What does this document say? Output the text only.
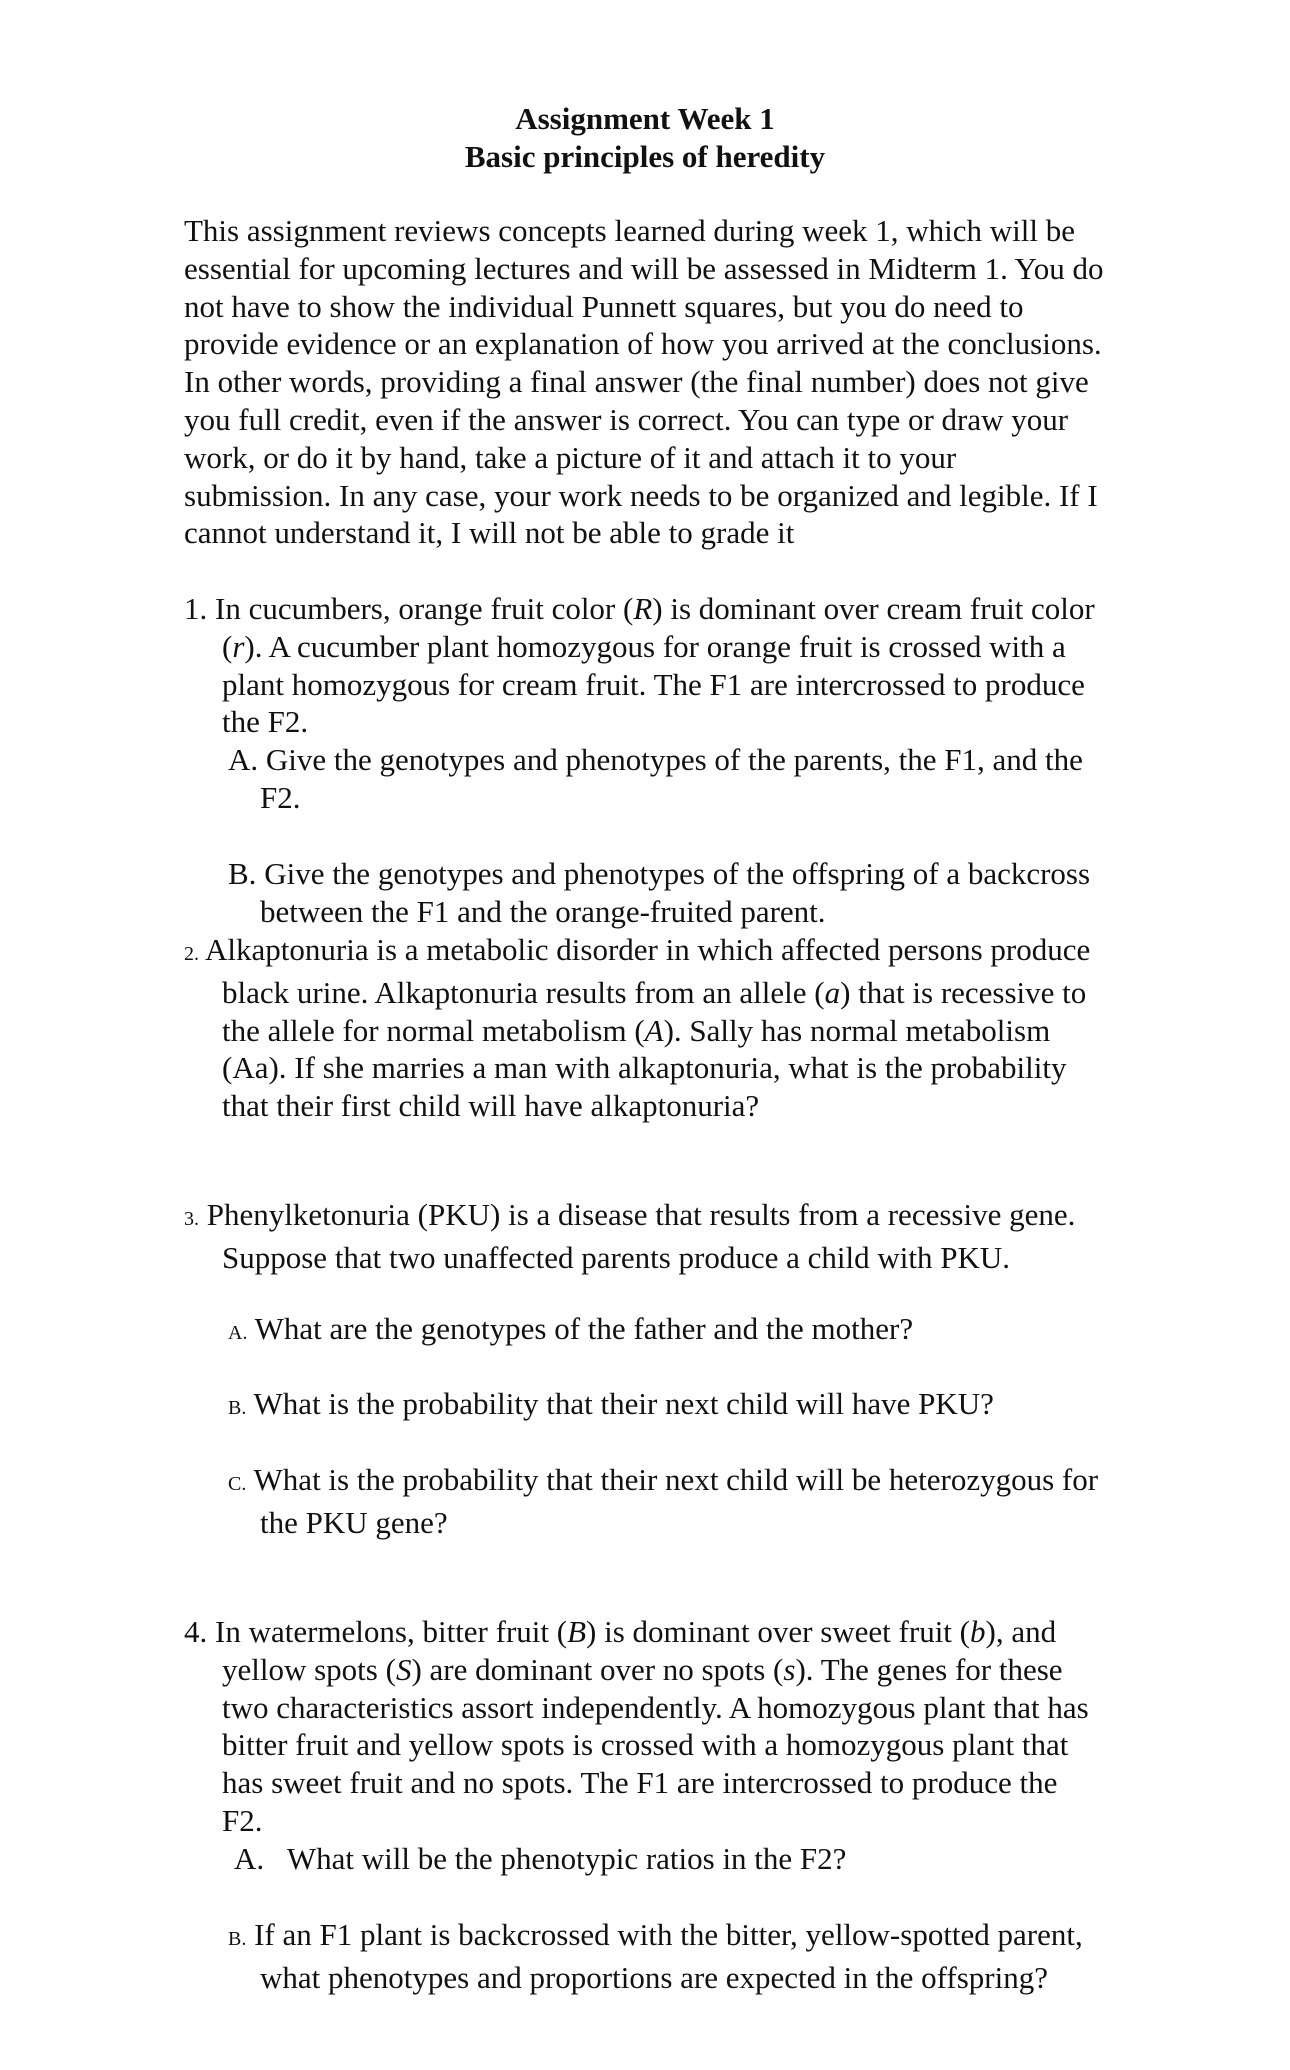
Assignment Week 1
Basic principles of heredity
This assignment reviews concepts learned during week 1, which will be essential for upcoming lectures and will be assessed in Midterm 1. You do not have to show the individual Punnett squares, but you do need to provide evidence or an explanation of how you arrived at the conclusions. In other words, providing a final answer (the final number) does not give you full credit, even if the answer is correct. You can type or draw your work, or do it by hand, take a picture of it and attach it to your submission. In any case, your work needs to be organized and legible. If I cannot understand it, I will not be able to grade it
1. In cucumbers, orange fruit color (R) is dominant over cream fruit color (r). A cucumber plant homozygous for orange fruit is crossed with a plant homozygous for cream fruit. The F1 are intercrossed to produce the F2.
A. Give the genotypes and phenotypes of the parents, the F1, and the F2.
B. Give the genotypes and phenotypes of the offspring of a backcross between the F1 and the orange-fruited parent.
2. Alkaptonuria is a metabolic disorder in which affected persons produce black urine. Alkaptonuria results from an allele (a) that is recessive to the allele for normal metabolism (A). Sally has normal metabolism (Aa). If she marries a man with alkaptonuria, what is the probability that their first child will have alkaptonuria?
3. Phenylketonuria (PKU) is a disease that results from a recessive gene. Suppose that two unaffected parents produce a child with PKU.
A. What are the genotypes of the father and the mother?
B. What is the probability that their next child will have PKU?
C. What is the probability that their next child will be heterozygous for the PKU gene?
4. In watermelons, bitter fruit (B) is dominant over sweet fruit (b), and yellow spots (S) are dominant over no spots (s). The genes for these two characteristics assort independently. A homozygous plant that has bitter fruit and yellow spots is crossed with a homozygous plant that has sweet fruit and no spots. The F1 are intercrossed to produce the F2.
A. What will be the phenotypic ratios in the F2?
B. If an F1 plant is backcrossed with the bitter, yellow-spotted parent, what phenotypes and proportions are expected in the offspring?
